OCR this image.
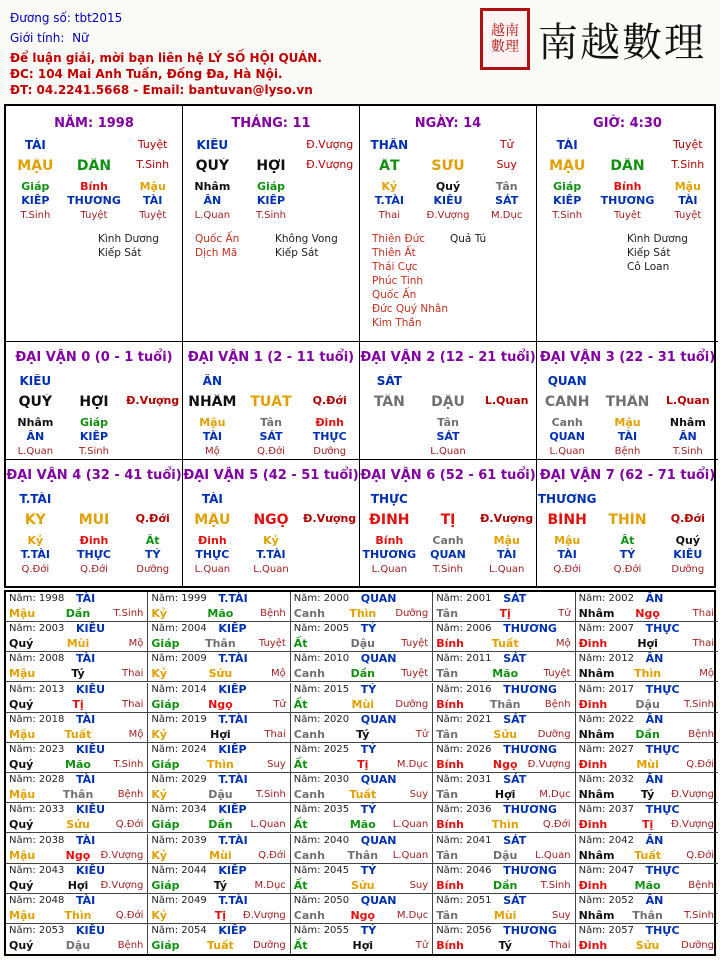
Đương số: tbt2015
Giới tính: Nữ
Để luận giải, mời bạn liên hệ LÝ SỐ HỘI QUÁN.
ĐC: 104 Mai Anh Tuấn, Đống Đa, Hà Nội.
ĐT: 04.2241.5668 - Email: bantuvan@lyso.vn
越南
數理 南越數理
NĂM: 1998
TÀI	Tuyệt
MẬU	DẦN	T.Sinh
Giáp	Bính	Mậu
KIẾP	THƯƠNG	TÀI
T.Sinh	Tuyệt	Tuyệt
Kình Dương
Kiếp Sát
THÁNG: 11
KIẾU	Đ.Vượng
QUÝ	HỢI	Đ.Vượng
Nhâm	Giáp
ẤN	KIẾP
L.Quan	T.Sinh
Quốc Ấn
Dịch Mã
Không Vong
Kiếp Sát
NGÀY: 14
THÂN	Tử
ẤT	SỬU	Suy
Kỷ	Quý	Tân
T.TÀI	KIÊU	SÁT
Thai	Đ.Vượng	M.Dục
Thiên Đức
Thiên Ất
Thái Cực
Phúc Tinh
Quốc Ấn
Đức Quý Nhân
Kim Thần
Quả Tú
GIỜ: 4:30
TÀI	Tuyệt
MẬU	DẦN	T.Sinh
Giáp	Bính	Mậu
KIẾP	THƯƠNG	TÀI
T.Sinh	Tuyệt	Tuyệt
Kình Dương
Kiếp Sát
Cô Loan
ĐẠI VẬN 0 (0 - 1 tuổi)
KIÊU
QUÝ	HỢI	Đ.Vượng
Nhâm	Giáp
ẤN	KIẾP
L.Quan	T.Sinh
ĐẠI VẬN 1 (2 - 11 tuổi)
ẤN
NHÂM TUẤT	Q.Đới
Mậu	Tân	Đinh
TÀI	SÁT	THỰC
Mộ	Q.Đới	Dưỡng
ĐẠI VẬN 2 (12 - 21 tuổi)
SÁT
TÂN	DẬU	L.Quan
Tân
SÁT
L.Quan
ĐẠI VẬN 3 (22 - 31 tuổi)
QUAN
CANH	THÂN	L.Quan
Canh	Mậu	Nhâm
QUAN	TÀI	ẤN
L.Quan	Bệnh	T.Sinh
ĐẠI VẬN 4 (32 - 41 tuổi)
T.TÀI
KỶ	MÙI	Q.Đới
Kỷ	Đinh	Ất
T.TÀI	THỰC	TỶ
Q.Đới	Q.Đới	Dưỡng
ĐẠI VẬN 5 (42 - 51 tuổi)
TÀI
MẬU	NGỌ	Đ.Vượng
Đinh	Kỷ
THỰC	T.TÀI
L.Quan	L.Quan
ĐẠI VẬN 6 (52 - 61 tuổi)
THỰC
ĐINH	TỊ	Đ.Vượng
Bính	Canh	Mậu
THƯƠNG	QUAN	TÀI
L.Quan	T.Sinh	L.Quan
ĐẠI VẬN 7 (62 - 71 tuổi)
THƯƠNG
BÍNH	THÌN	Q.Đới
Mậu	Ất	Quý
TÀI	TỶ	KIÊU
Q.Đới	Q.Đới	Dưỡng
Năm: 1998 TÀI
Mậu	Dần	T.Sinh
Năm: 1999 T.TÀI
Kỷ	Mão	Bệnh
Năm: 2000 QUAN
Canh	Thìn	Dưỡng
Năm: 2001 SÁT
Tân	Tị	Tử
Năm: 2002 ẤN
Nhâm	Ngọ	Thai
Năm: 2003 KIÊU
Quý	Mùi	Mộ
Năm: 2004 KIẾP
Giáp	Thân	Tuyệt
Năm: 2005 TỶ
Ất	Dậu	Tuyệt
Năm: 2006 THƯƠNG
Bính	Tuất	Mộ
Năm: 2007 THỰC
Đinh	Hợi	Thai
Năm: 2008 TÀI
Mậu	Tý	Thai
Năm: 2009 T.TÀI
Kỷ	Sửu	Mộ
Năm: 2010 QUAN
Canh	Dần	Tuyệt
Năm: 2011 SÁT
Tân	Mão	Tuyệt
Năm: 2012 ẤN
Nhâm	Thìn	Mộ
Năm: 2013 KIÊU
Quý	Tị	Thai
Năm: 2014 KIẾP
Giáp	Ngọ	Tử
Năm: 2015 TỶ
Ất	Mùi	Dưỡng
Năm: 2016 THƯƠNG
Bính	Thân	Bệnh
Năm: 2017 THỰC
Đinh	Dậu	T.Sinh
Năm: 2018 TÀI
Mậu	Tuất	Mộ
Năm: 2019 T.TÀI
Kỷ	Hợi	Thai
Năm: 2020 QUAN
Canh	Tý	Tử
Năm: 2021 SÁT
Tân	Sửu	Dưỡng
Năm: 2022 ẤN
Nhâm	Dần	Bệnh
Năm: 2023 KIÊU
Quý	Mão	T.Sinh
Năm: 2024 KIẾP
Giáp	Thìn	Suy
Năm: 2025 TỶ
Ất	Tị	M.Dục
Năm: 2026 THƯƠNG
Bính	Ngọ	Đ.Vượng
Năm: 2027 THỰC
Đinh	Mùi	Q.Đới
Năm: 2028 TÀI
Mậu	Thân	Bệnh
Năm: 2029 T.TÀI
Kỷ	Dậu	T.Sinh
Năm: 2030 QUAN
Canh	Tuất	Suy
Năm: 2031 SÁT
Tân	Hợi	M.Dục
Năm: 2032 ẤN
Nhâm	Tý	Đ.Vượng
Năm: 2033 KIÊU
Quý	Sửu	Q.Đới
Năm: 2034 KIẾP
Giáp	Dần	L.Quan
Năm: 2035 TỶ
Ất	Mão	L.Quan
Năm: 2036 THƯƠNG
Bính	Thìn	Q.Đới
Năm: 2037 THỰC
Đinh	Tị	Đ.Vượng
Năm: 2038 TÀI
Mậu	Ngọ	Đ.Vượng
Năm: 2039 T.TÀI
Kỷ	Mùi	Q.Đới
Năm: 2040 QUAN
Canh	Thân	L.Quan
Năm: 2041 SÁT
Tân	Dậu	L.Quan
Năm: 2042 ẤN
Nhâm	Tuất	Q.Đới
Năm: 2043 KIÊU
Quý	Hợi	Đ.Vượng
Năm: 2044 KIẾP
Giáp	Tý	M.Dục
Năm: 2045 TỶ
Ất	Sửu	Suy
Năm: 2046 THƯƠNG
Bính	Dần	T.Sinh
Năm: 2047 THỰC
Đinh	Mão	Bệnh
Năm: 2048 TÀI
Mậu	Thìn	Q.Đới
Năm: 2049 T.TÀI
Kỷ	Tị	Đ.Vượng
Năm: 2050 QUAN
Canh	Ngọ	M.Dục
Năm: 2051 SÁT
Tân	Mùi	Suy
Năm: 2052 ẤN
Nhâm	Thân	T.Sinh
Năm: 2053 KIÊU
Quý	Dậu	Bệnh
Năm: 2054 KIẾP
Giáp	Tuất	Dưỡng
Năm: 2055 TỶ
Ất	Hợi	Tử
Năm: 2056 THƯƠNG
Bính	Tý	Thai
Năm: 2057 THỰC
Đinh	Sửu	Dưỡng
